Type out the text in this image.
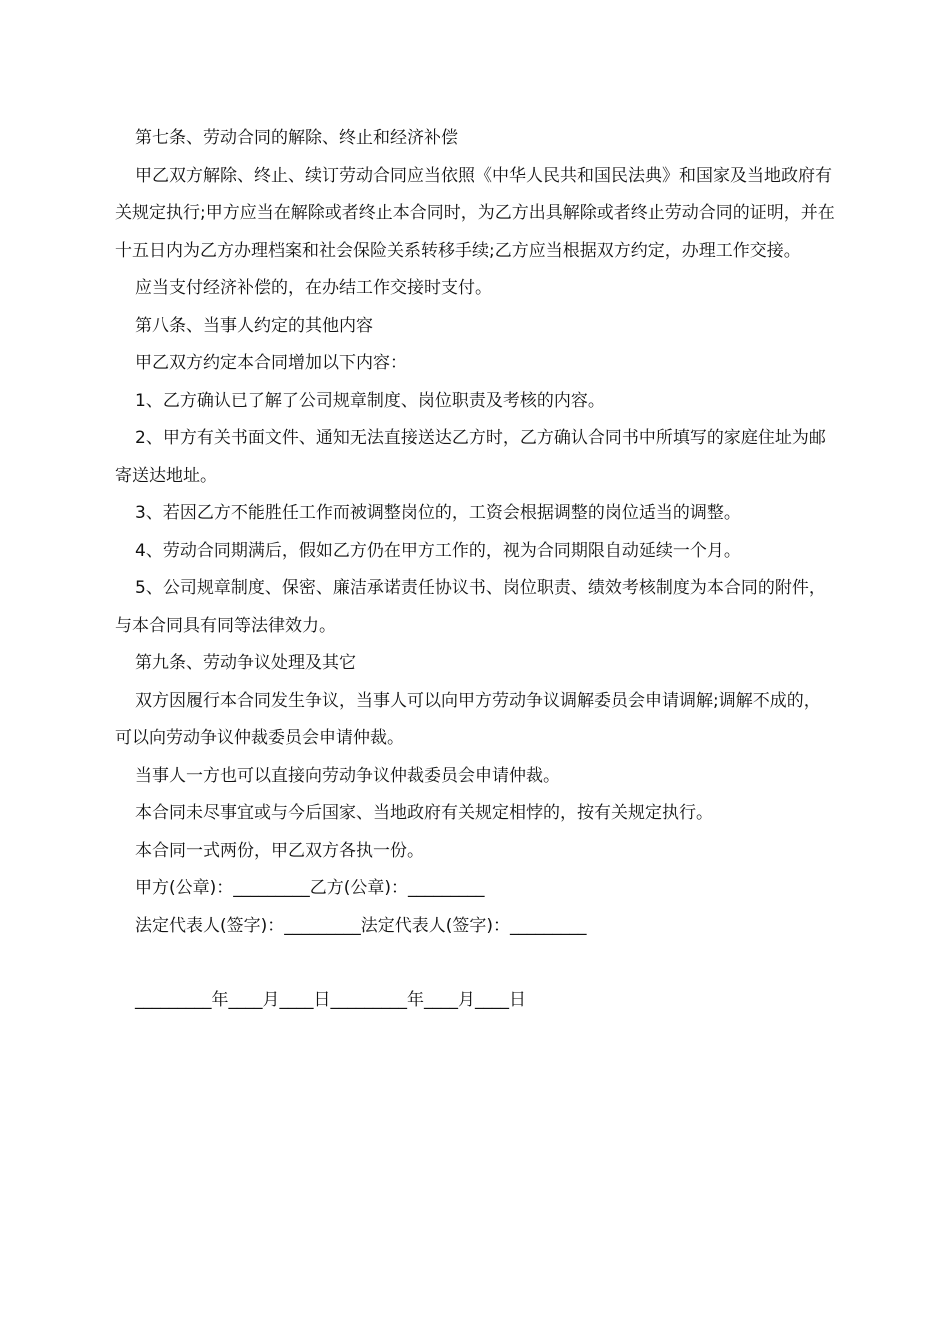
第七条、劳动合同的解除、终止和经济补偿

甲乙双方解除、终止、续订劳动合同应当依照《中华人民共和国民法典》和国家及当地政府有关规定执行;甲方应当在解除或者终止本合同时，为乙方出具解除或者终止劳动合同的证明，并在十五日内为乙方办理档案和社会保险关系转移手续;乙方应当根据双方约定，办理工作交接。

应当支付经济补偿的，在办结工作交接时支付。

第八条、当事人约定的其他内容

甲乙双方约定本合同增加以下内容：

1、乙方确认已了解了公司规章制度、岗位职责及考核的内容。

2、甲方有关书面文件、通知无法直接送达乙方时，乙方确认合同书中所填写的家庭住址为邮寄送达地址。

3、若因乙方不能胜任工作而被调整岗位的，工资会根据调整的岗位适当的调整。

4、劳动合同期满后，假如乙方仍在甲方工作的，视为合同期限自动延续一个月。

5、公司规章制度、保密、廉洁承诺责任协议书、岗位职责、绩效考核制度为本合同的附件，与本合同具有同等法律效力。

第九条、劳动争议处理及其它

双方因履行本合同发生争议，当事人可以向甲方劳动争议调解委员会申请调解;调解不成的，可以向劳动争议仲裁委员会申请仲裁。

当事人一方也可以直接向劳动争议仲裁委员会申请仲裁。

本合同未尽事宜或与今后国家、当地政府有关规定相悖的，按有关规定执行。

本合同一式两份，甲乙双方各执一份。

甲方(公章)：_________乙方(公章)：_________

法定代表人(签字)：_________法定代表人(签字)：_________

_________年____月____日_________年____月____日
